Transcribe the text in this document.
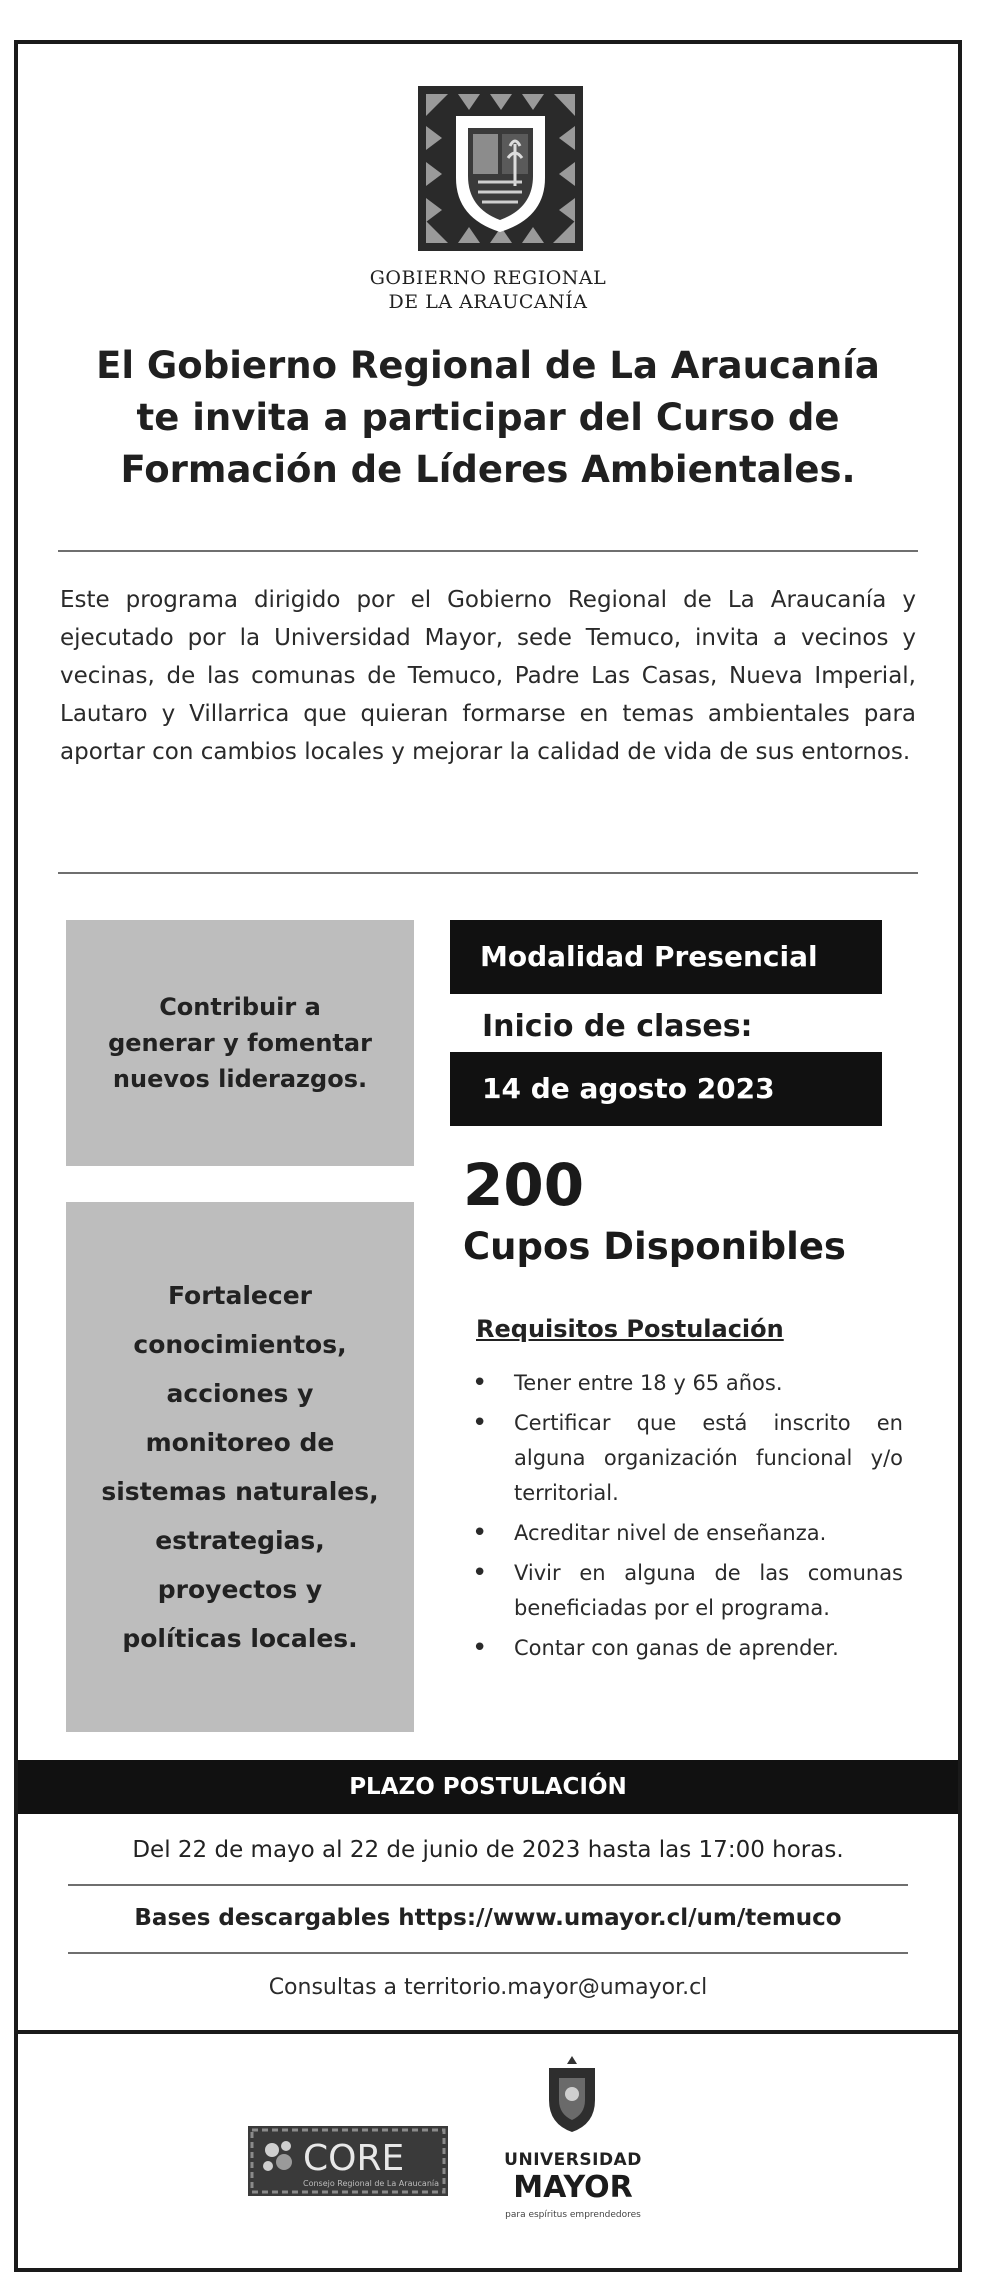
GOBIERNO REGIONAL
DE LA ARAUCANÍA
El Gobierno Regional de La Araucanía
te invita a participar del Curso de
Formación de Líderes Ambientales.
Este programa dirigido por el Gobierno Regional de La Araucanía y ejecutado por la Universidad Mayor, sede Temuco, invita a vecinos y vecinas, de las comunas de Temuco, Padre Las Casas, Nueva Imperial, Lautaro y Villarrica que quieran formarse en temas ambientales para aportar con cambios locales y mejorar la calidad de vida de sus entornos.
Contribuir a
generar y fomentar
nuevos liderazgos.
Fortalecer
conocimientos,
acciones y
monitoreo de
sistemas naturales,
estrategias,
proyectos y
políticas locales.
Modalidad Presencial
Inicio de clases:
14 de agosto 2023
200
Cupos Disponibles
Requisitos Postulación
• Tener entre 18 y 65 años.
• Certificar que está inscrito en alguna organización funcional y/o territorial.
• Acreditar nivel de enseñanza.
• Vivir en alguna de las comunas beneficiadas por el programa.
• Contar con ganas de aprender.
PLAZO POSTULACIÓN
Del 22 de mayo al 22 de junio de 2023 hasta las 17:00 horas.
Bases descargables https://www.umayor.cl/um/temuco
Consultas a territorio.mayor@umayor.cl
CORE
Consejo Regional de La Araucanía
UNIVERSIDAD
MAYOR
para espíritus emprendedores
